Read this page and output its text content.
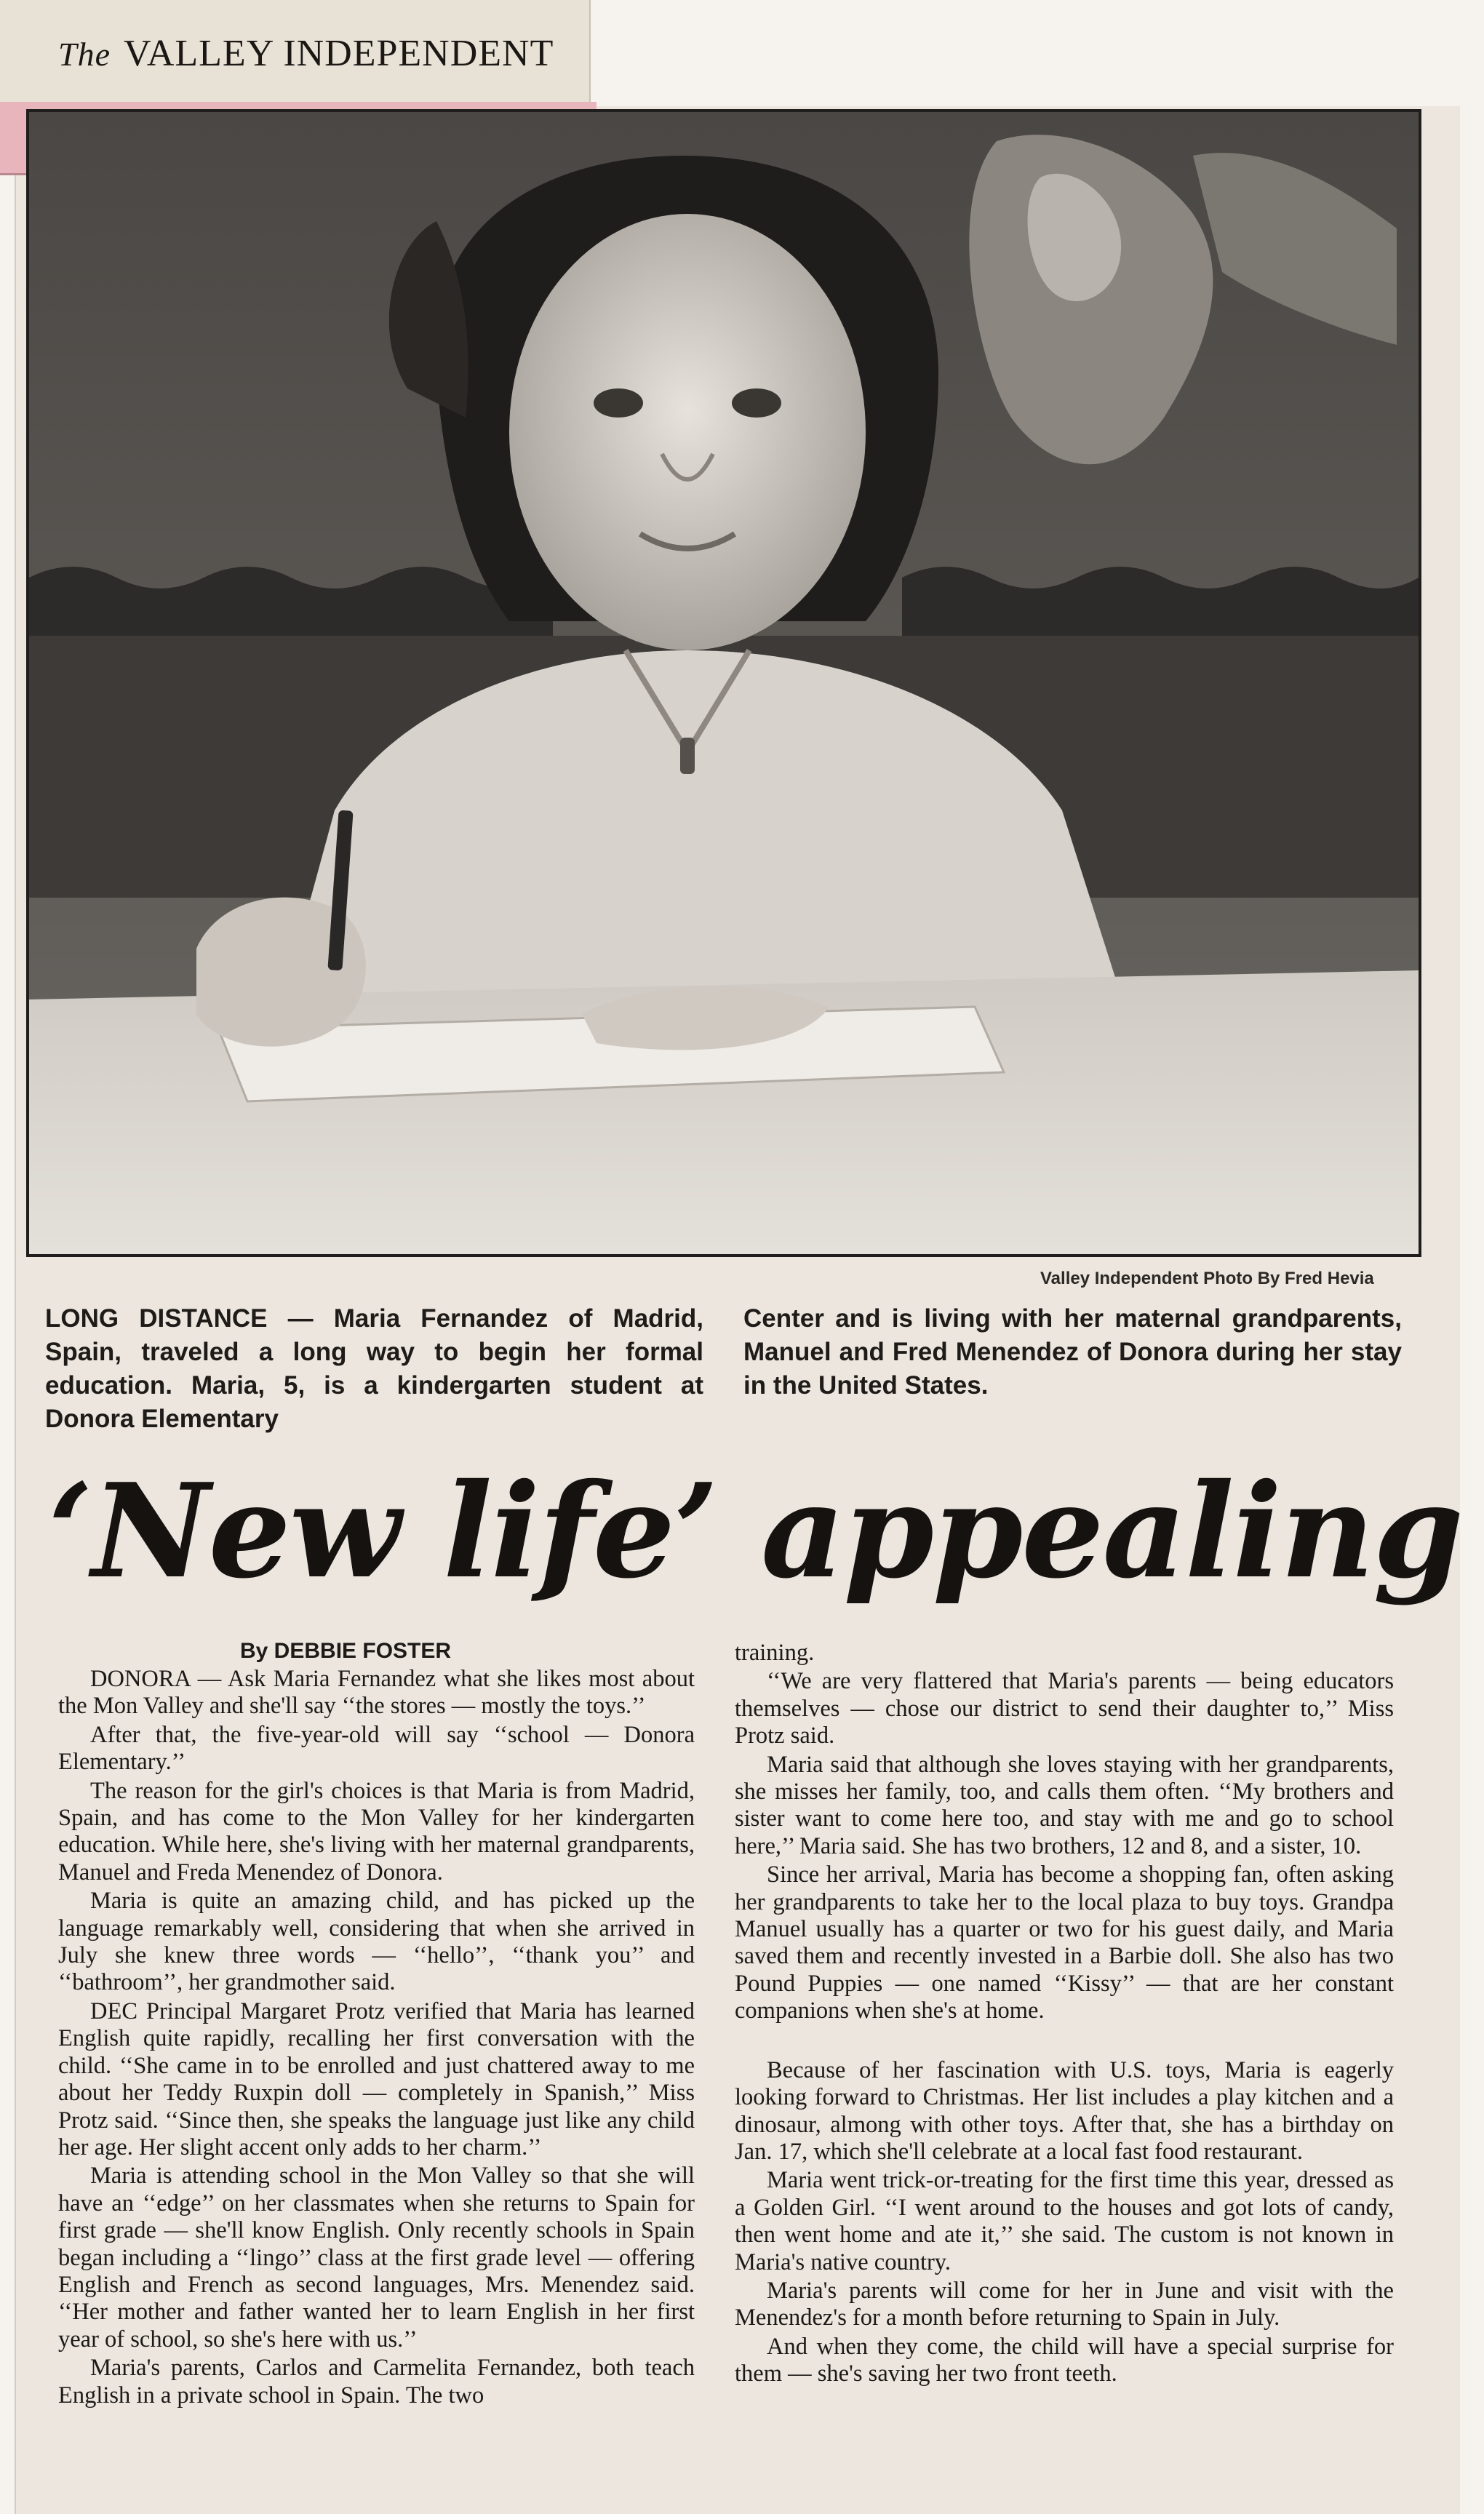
The VALLEY INDEPENDENT
Valley Independent Photo By Fred Hevia
LONG DISTANCE — Maria Fernandez of Madrid, Spain, traveled a long way to begin her formal education. Maria, 5, is a kindergarten student at Donora Elementary
Center and is living with her maternal grandparents, Manuel and Fred Menendez of Donora during her stay in the United States.
‘New life’ appealing
By DEBBIE FOSTER

DONORA — Ask Maria Fernandez what she likes most about the Mon Valley and she'll say ‘‘the stores — mostly the toys.’’

After that, the five-year-old will say ‘‘school — Donora Elementary.’’

The reason for the girl's choices is that Maria is from Madrid, Spain, and has come to the Mon Valley for her kindergarten education. While here, she's living with her maternal grandparents, Manuel and Freda Menendez of Donora.

Maria is quite an amazing child, and has picked up the language remarkably well, considering that when she arrived in July she knew three words — ‘‘hello’’, ‘‘thank you’’ and ‘‘bathroom’’, her grandmother said.

DEC Principal Margaret Protz verified that Maria has learned English quite rapidly, recalling her first conversation with the child. ‘‘She came in to be enrolled and just chattered away to me about her Teddy Ruxpin doll — completely in Spanish,’’ Miss Protz said. ‘‘Since then, she speaks the language just like any child her age. Her slight accent only adds to her charm.’’

Maria is attending school in the Mon Valley so that she will have an ‘‘edge’’ on her classmates when she returns to Spain for first grade — she'll know English. Only recently schools in Spain began including a ‘‘lingo’’ class at the first grade level — offering English and French as second languages, Mrs. Menendez said. ‘‘Her mother and father wanted her to learn English in her first year of school, so she's here with us.’’

Maria's parents, Carlos and Carmelita Fernandez, both teach English in a private school in Spain. The two

training.

‘‘We are very flattered that Maria's parents — being educators themselves — chose our district to send their daughter to,’’ Miss Protz said.

Maria said that although she loves staying with her grandparents, she misses her family, too, and calls them often. ‘‘My brothers and sister want to come here too, and stay with me and go to school here,’’ Maria said. She has two brothers, 12 and 8, and a sister, 10.

Since her arrival, Maria has become a shopping fan, often asking her grandparents to take her to the local plaza to buy toys. Grandpa Manuel usually has a quarter or two for his guest daily, and Maria saved them and recently invested in a Barbie doll. She also has two Pound Puppies — one named ‘‘Kissy’’ — that are her constant companions when she's at home.

Because of her fascination with U.S. toys, Maria is eagerly looking forward to Christmas. Her list includes a play kitchen and a dinosaur, almong with other toys. After that, she has a birthday on Jan. 17, which she'll celebrate at a local fast food restaurant.

Maria went trick-or-treating for the first time this year, dressed as a Golden Girl. ‘‘I went around to the houses and got lots of candy, then went home and ate it,’’ she said. The custom is not known in Maria's native country.

Maria's parents will come for her in June and visit with the Menendez's for a month before returning to Spain in July.

And when they come, the child will have a special surprise for them — she's saving her two front teeth.
